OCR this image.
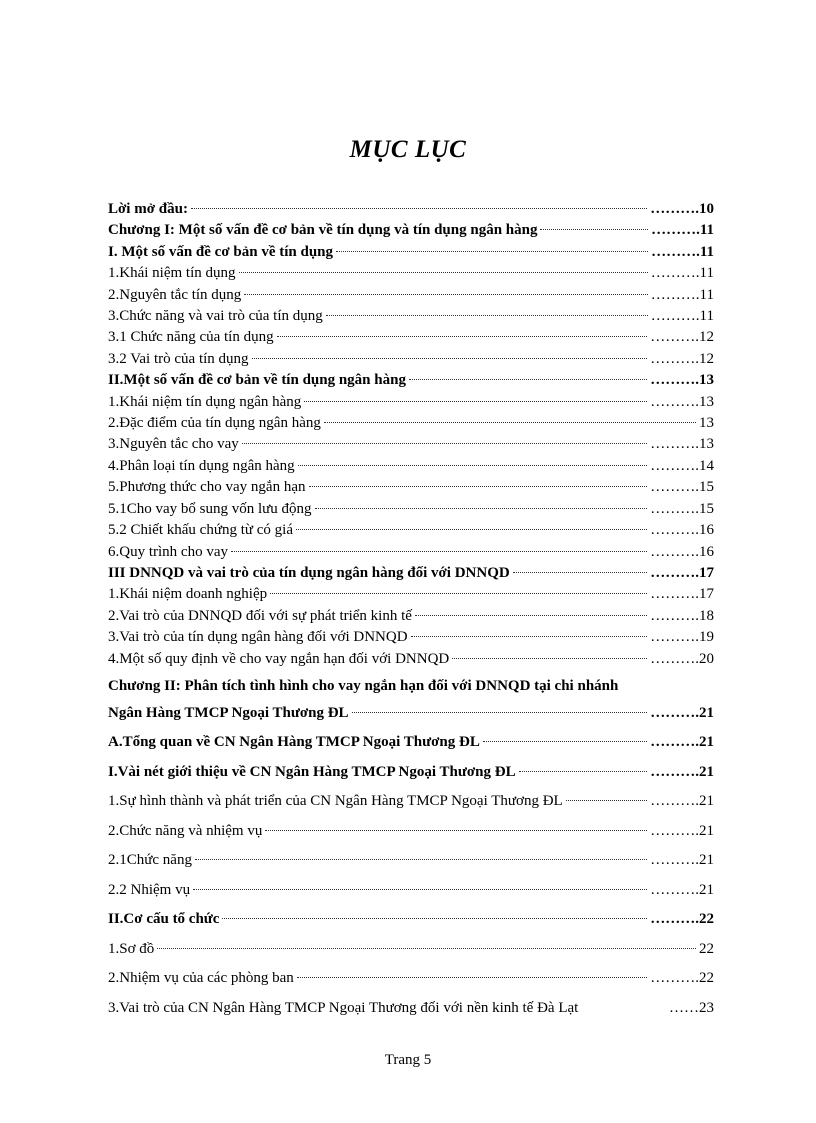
MỤC LỤC
Lời mở đầu:	……….10
Chương I: Một số vấn đề cơ bản về tín dụng và tín dụng ngân hàng	……….11
I. Một số vấn đề cơ bản về tín dụng	……….11
1.Khái niệm tín dụng	……….11
2.Nguyên tắc tín dụng	……….11
3.Chức năng và vai trò của tín dụng	……….11
3.1 Chức năng của tín dụng	……….12
3.2 Vai trò của tín dụng	……….12
II.Một số vấn đề cơ bản về tín dụng ngân hàng	……….13
1.Khái niệm tín dụng ngân hàng	……….13
2.Đặc điểm của tín dụng ngân hàng	13
3.Nguyên tắc cho vay	……….13
4.Phân loại tín dụng ngân hàng	……….14
5.Phương thức cho vay ngắn hạn	……….15
5.1Cho vay bổ sung vốn lưu động	……….15
5.2 Chiết khấu chứng từ có giá	……….16
6.Quy trình cho vay	……….16
III DNNQD và vai trò của tín dụng ngân hàng đối với DNNQD	……….17
1.Khái niệm doanh nghiệp	……….17
2.Vai trò của DNNQD đối với sự phát triển kinh tế	……….18
3.Vai trò của tín dụng ngân hàng đối với DNNQD	……….19
4.Một số quy định về cho vay ngắn hạn đối với DNNQD	……….20
Chương II: Phân tích tình hình cho vay ngắn hạn đối với DNNQD tại chi nhánh
Ngân Hàng TMCP Ngoại Thương ĐL	……….21
A.Tổng quan về CN Ngân Hàng TMCP Ngoại Thương ĐL	……….21
I.Vài nét giới thiệu về CN Ngân Hàng TMCP Ngoại Thương ĐL	……….21
1.Sự hình thành và phát triển của CN Ngân Hàng TMCP Ngoại Thương ĐL	……….21
2.Chức năng và nhiệm vụ	……….21
2.1Chức năng	……….21
2.2 Nhiệm vụ	……….21
II.Cơ cấu tổ chức	……….22
1.Sơ đồ	22
2.Nhiệm vụ của các phòng ban	……….22
3.Vai trò của CN Ngân Hàng TMCP Ngoại Thương đối với nền kinh tế Đà Lạt	……23
Trang 5
